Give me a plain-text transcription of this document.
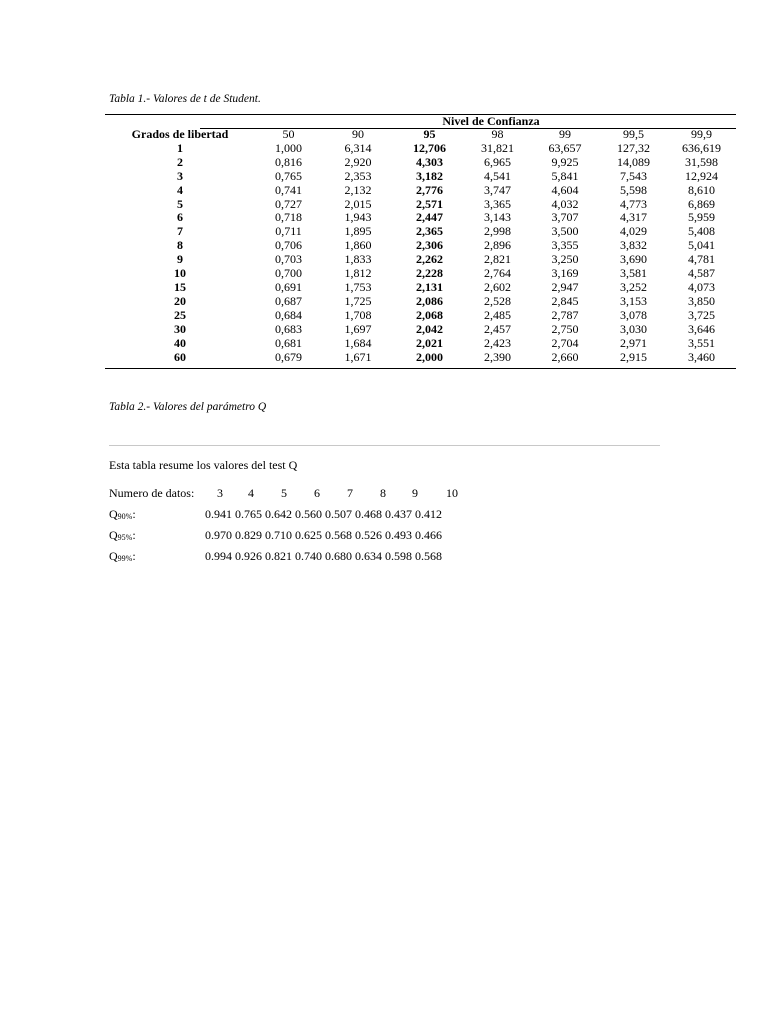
Tabla 1.- Valores de t de Student.
Nivel de Confianza
Grados de libertad	50	90	95	98	99	99,5	99,9
1	1,000	6,314	12,706	31,821	63,657	127,32	636,619
2	0,816	2,920	4,303	6,965	9,925	14,089	31,598
3	0,765	2,353	3,182	4,541	5,841	7,543	12,924
4	0,741	2,132	2,776	3,747	4,604	5,598	8,610
5	0,727	2,015	2,571	3,365	4,032	4,773	6,869
6	0,718	1,943	2,447	3,143	3,707	4,317	5,959
7	0,711	1,895	2,365	2,998	3,500	4,029	5,408
8	0,706	1,860	2,306	2,896	3,355	3,832	5,041
9	0,703	1,833	2,262	2,821	3,250	3,690	4,781
10	0,700	1,812	2,228	2,764	3,169	3,581	4,587
15	0,691	1,753	2,131	2,602	2,947	3,252	4,073
20	0,687	1,725	2,086	2,528	2,845	3,153	3,850
25	0,684	1,708	2,068	2,485	2,787	3,078	3,725
30	0,683	1,697	2,042	2,457	2,750	3,030	3,646
40	0,681	1,684	2,021	2,423	2,704	2,971	3,551
60	0,679	1,671	2,000	2,390	2,660	2,915	3,460
Tabla 2.- Valores del parámetro Q
Esta tabla resume los valores del test Q
Numero de datos: 3 4 5 6 7 8 9 10
$Q_{90\%}$:	0.941 0.765 0.642 0.560 0.507 0.468 0.437 0.412
$Q_{95\%}$:	0.970 0.829 0.710 0.625 0.568 0.526 0.493 0.466
$Q_{99\%}$:	0.994 0.926 0.821 0.740 0.680 0.634 0.598 0.568
